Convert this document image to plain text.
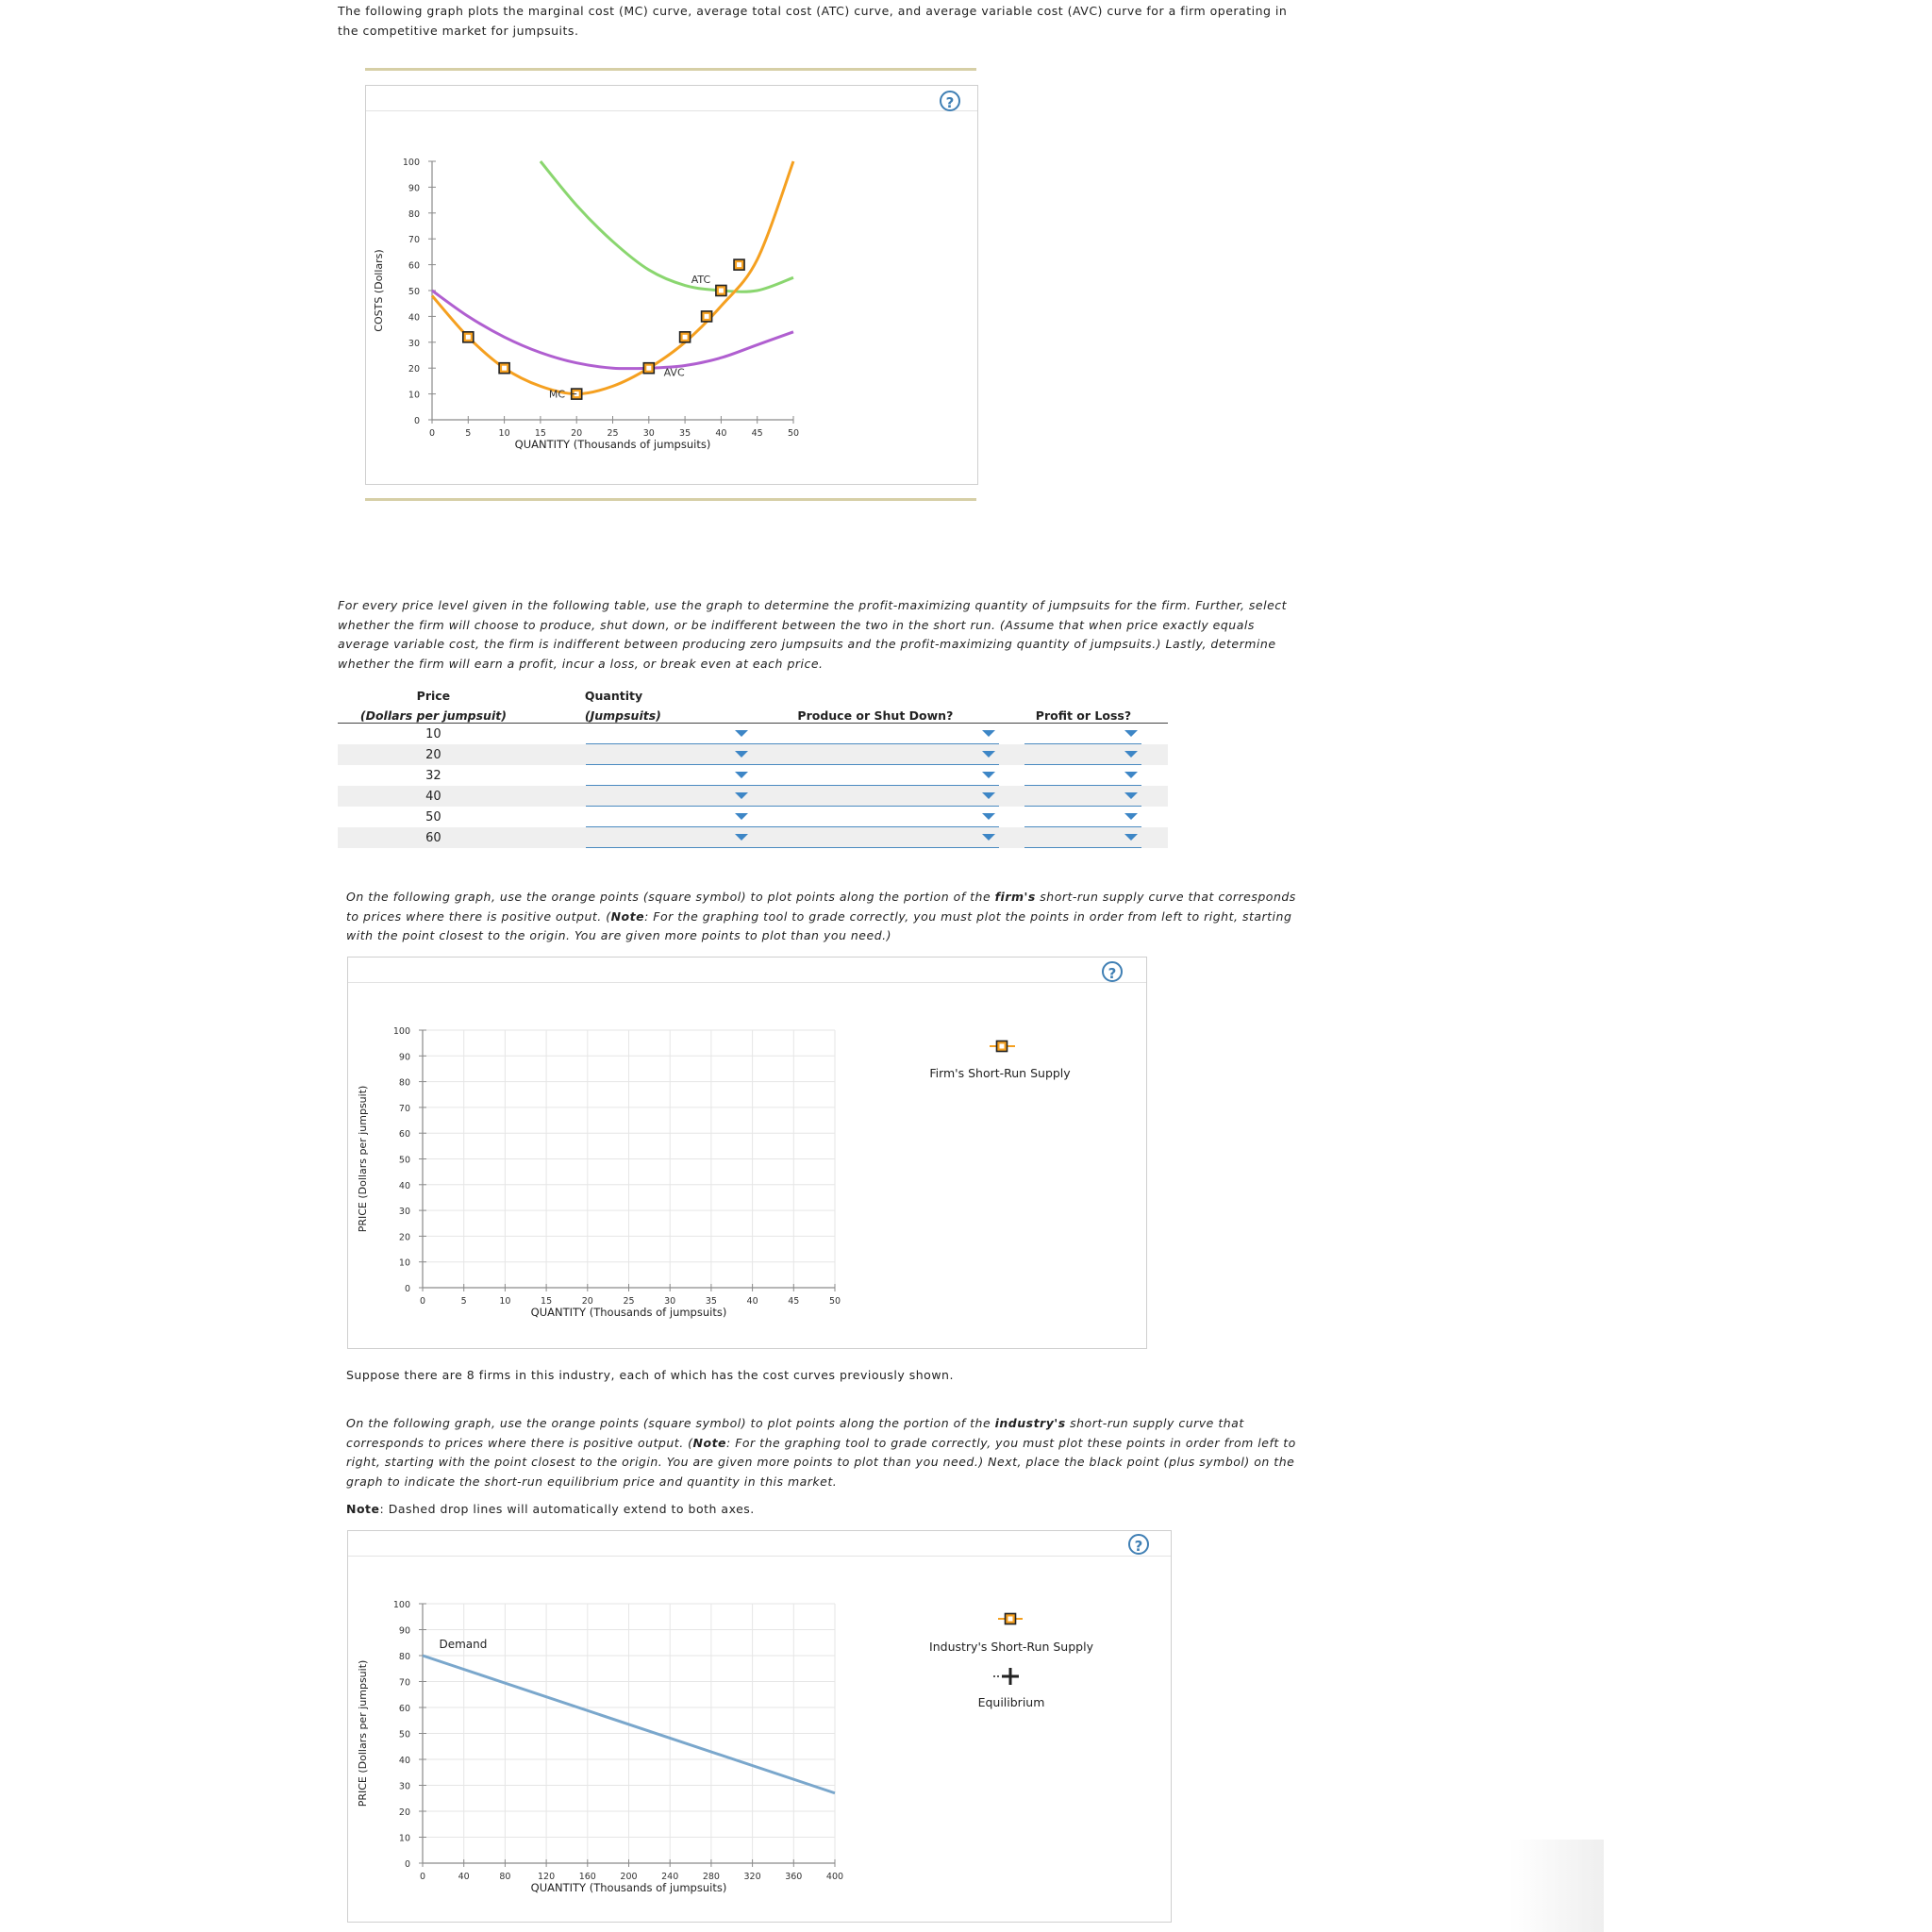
The following graph plots the marginal cost (MC) curve, average total cost (ATC) curve, and average variable cost (AVC) curve for a firm operating in
the competitive market for jumpsuits.
?
0	5	10	15	20	25	30	35	40	45	50
0
10
20
30
40
50
60
70
80
90
100
QUANTITY (Thousands of jumpsuits)
COSTS (Dollars)
MC
ATC
AVC
For every price level given in the following table, use the graph to determine the profit-maximizing quantity of jumpsuits for the firm. Further, select
whether the firm will choose to produce, shut down, or be indifferent between the two in the short run. (Assume that when price exactly equals
average variable cost, the firm is indifferent between producing zero jumpsuits and the profit-maximizing quantity of jumpsuits.) Lastly, determine
whether the firm will earn a profit, incur a loss, or break even at each price.
Price		Quantity			
(Dollars per jumpsuit)		(Jumpsuits)		Produce or Shut Down?	Profit or Loss?
10			

20			

32			

40			

50			

60			

On the following graph, use the orange points (square symbol) to plot points along the portion of the firm's short-run supply curve that corresponds
to prices where there is positive output. (Note: For the graphing tool to grade correctly, you must plot the points in order from left to right, starting
with the point closest to the origin. You are given more points to plot than you need.)
?
Firm's Short-Run Supply
0	5	10	15	20	25	30	35	40	45	50
0
10
20
30
40
50
60
70
80
90
100
QUANTITY (Thousands of jumpsuits)
PRICE (Dollars per jumpsuit)
Suppose there are 8 firms in this industry, each of which has the cost curves previously shown.
On the following graph, use the orange points (square symbol) to plot points along the portion of the industry's short-run supply curve that
corresponds to prices where there is positive output. (Note: For the graphing tool to grade correctly, you must plot these points in order from left to
right, starting with the point closest to the origin. You are given more points to plot than you need.) Next, place the black point (plus symbol) on the
graph to indicate the short-run equilibrium price and quantity in this market.
Note: Dashed drop lines will automatically extend to both axes.
?
Industry's Short-Run Supply
Equilibrium
0	40	80	120	160	200	240	280	320	360	400
0
10
20
30
40
50
60
70
80
90
100
QUANTITY (Thousands of jumpsuits)
PRICE (Dollars per jumpsuit)
Demand
